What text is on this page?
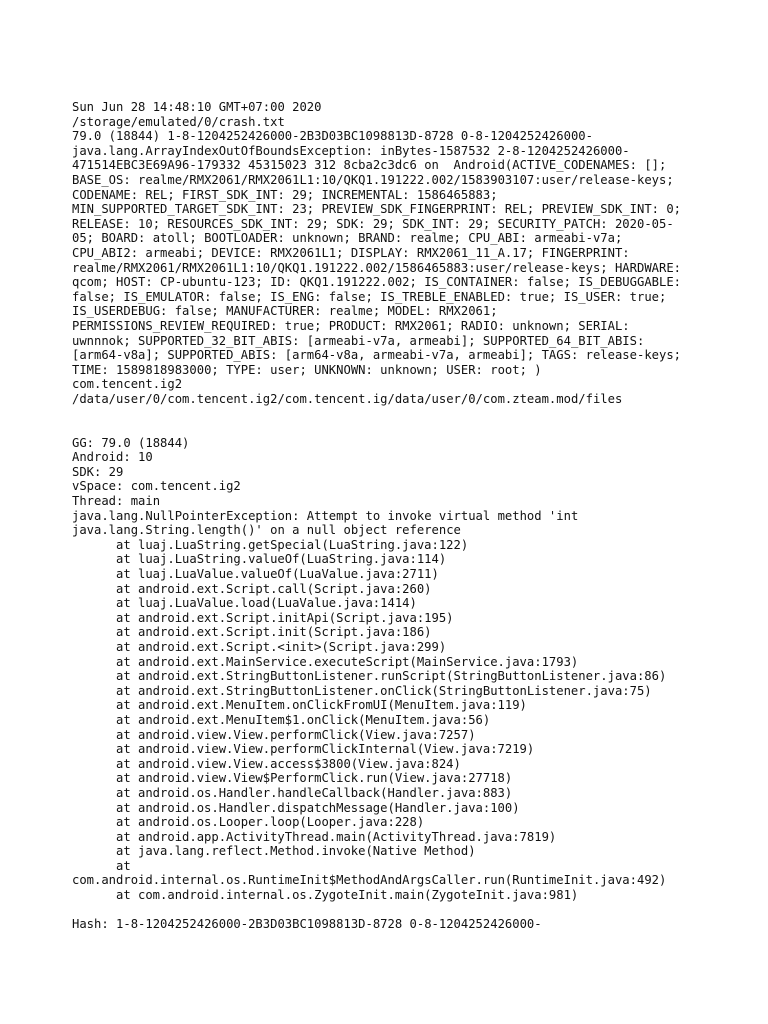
Sun Jun 28 14:48:10 GMT+07:00 2020
/storage/emulated/0/crash.txt
79.0 (18844) 1-8-1204252426000-2B3D03BC1098813D-8728 0-8-1204252426000-
java.lang.ArrayIndexOutOfBoundsException: inBytes-1587532 2-8-1204252426000-
471514EBC3E69A96-179332 45315023 312 8cba2c3dc6 on  Android(ACTIVE_CODENAMES: [];
BASE_OS: realme/RMX2061/RMX2061L1:10/QKQ1.191222.002/1583903107:user/release-keys;
CODENAME: REL; FIRST_SDK_INT: 29; INCREMENTAL: 1586465883;
MIN_SUPPORTED_TARGET_SDK_INT: 23; PREVIEW_SDK_FINGERPRINT: REL; PREVIEW_SDK_INT: 0;
RELEASE: 10; RESOURCES_SDK_INT: 29; SDK: 29; SDK_INT: 29; SECURITY_PATCH: 2020-05-
05; BOARD: atoll; BOOTLOADER: unknown; BRAND: realme; CPU_ABI: armeabi-v7a;
CPU_ABI2: armeabi; DEVICE: RMX2061L1; DISPLAY: RMX2061_11_A.17; FINGERPRINT:
realme/RMX2061/RMX2061L1:10/QKQ1.191222.002/1586465883:user/release-keys; HARDWARE:
qcom; HOST: CP-ubuntu-123; ID: QKQ1.191222.002; IS_CONTAINER: false; IS_DEBUGGABLE:
false; IS_EMULATOR: false; IS_ENG: false; IS_TREBLE_ENABLED: true; IS_USER: true;
IS_USERDEBUG: false; MANUFACTURER: realme; MODEL: RMX2061;
PERMISSIONS_REVIEW_REQUIRED: true; PRODUCT: RMX2061; RADIO: unknown; SERIAL:
uwnnnok; SUPPORTED_32_BIT_ABIS: [armeabi-v7a, armeabi]; SUPPORTED_64_BIT_ABIS:
[arm64-v8a]; SUPPORTED_ABIS: [arm64-v8a, armeabi-v7a, armeabi]; TAGS: release-keys;
TIME: 1589818983000; TYPE: user; UNKNOWN: unknown; USER: root; )
com.tencent.ig2
/data/user/0/com.tencent.ig2/com.tencent.ig/data/user/0/com.zteam.mod/files
GG: 79.0 (18844)
Android: 10
SDK: 29
vSpace: com.tencent.ig2
Thread: main
java.lang.NullPointerException: Attempt to invoke virtual method 'int
java.lang.String.length()' on a null object reference
at luaj.LuaString.getSpecial(LuaString.java:122)
at luaj.LuaString.valueOf(LuaString.java:114)
at luaj.LuaValue.valueOf(LuaValue.java:2711)
at android.ext.Script.call(Script.java:260)
at luaj.LuaValue.load(LuaValue.java:1414)
at android.ext.Script.initApi(Script.java:195)
at android.ext.Script.init(Script.java:186)
at android.ext.Script.<init>(Script.java:299)
at android.ext.MainService.executeScript(MainService.java:1793)
at android.ext.StringButtonListener.runScript(StringButtonListener.java:86)
at android.ext.StringButtonListener.onClick(StringButtonListener.java:75)
at android.ext.MenuItem.onClickFromUI(MenuItem.java:119)
at android.ext.MenuItem$1.onClick(MenuItem.java:56)
at android.view.View.performClick(View.java:7257)
at android.view.View.performClickInternal(View.java:7219)
at android.view.View.access$3800(View.java:824)
at android.view.View$PerformClick.run(View.java:27718)
at android.os.Handler.handleCallback(Handler.java:883)
at android.os.Handler.dispatchMessage(Handler.java:100)
at android.os.Looper.loop(Looper.java:228)
at android.app.ActivityThread.main(ActivityThread.java:7819)
at java.lang.reflect.Method.invoke(Native Method)
at
com.android.internal.os.RuntimeInit$MethodAndArgsCaller.run(RuntimeInit.java:492)
at com.android.internal.os.ZygoteInit.main(ZygoteInit.java:981)
Hash: 1-8-1204252426000-2B3D03BC1098813D-8728 0-8-1204252426000-
